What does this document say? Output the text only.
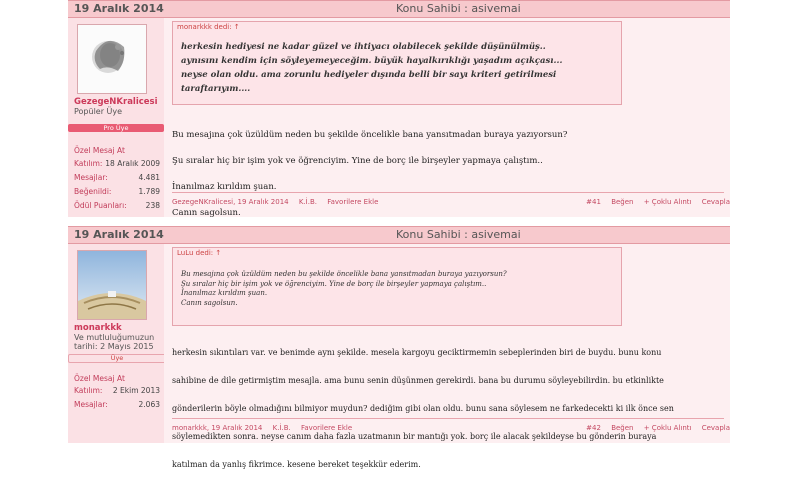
19 Aralık 2014	Konu Sahibi : asivemai
GezegeNKralicesi
Popüler Üye
Pro Üye
Özel Mesaj At
Katılım: 18 Aralık 2009
Mesajlar:	4.481
Beğenildi:	1.789
Ödül Puanları:	238
monarkkk dedi: ↑
herkesin hediyesi ne kadar güzel ve ihtiyacı olabilecek şekilde düşünülmüş..
aynısını kendim için söyleyemeyeceğim. büyük hayalkırıklığı yaşadım açıkçası...
neyse olan oldu. ama zorunlu hediyeler dışında belli bir sayı kriteri getirilmesi
taraftarıyım....

Bu mesajına çok üzüldüm neden bu şekilde öncelikle bana yansıtmadan buraya yazıyorsun?

Şu sıralar hiç bir işim yok ve öğrenciyim. Yine de borç ile birşeyler yapmaya çalıştım..

İnanılmaz kırıldım şuan.

Canın sagolsun.

GezegeNKralicesi, 19 Aralık 2014 K.İ.B. Favorilere Ekle	#41 Beğen + Çoklu Alıntı Cevapla
19 Aralık 2014	Konu Sahibi : asivemai
monarkkk
Ve mutluluğumuzun
tarihi: 2 Mayıs 2015
Üye
Özel Mesaj At
Katılım: 2 Ekim 2013
Mesajlar:	2.063
LuLu dedi: ↑
Bu mesajına çok üzüldüm neden bu şekilde öncelikle bana yansıtmadan buraya yazıyorsun?
Şu sıralar hiç bir işim yok ve öğrenciyim. Yine de borç ile birşeyler yapmaya çalıştım..
İnanılmaz kırıldım şuan.
Canın sagolsun.

herkesin sıkıntıları var. ve benimde aynı şekilde. mesela kargoyu geciktirmemin sebeplerinden biri de buydu. bunu konu

sahibine de dile getirmiştim mesajla. ama bunu senin düşünmen gerekirdi. bana bu durumu söyleyebilirdin. bu etkinlikte

gönderilerin böyle olmadığını bilmiyor muydun? dediğim gibi olan oldu. bunu sana söylesem ne farkedecekti ki ilk önce sen

söylemedikten sonra. neyse canım daha fazla uzatmanın bir mantığı yok. borç ile alacak şekildeyse bu gönderin buraya

katılman da yanlış fikrimce. kesene bereket teşekkür ederim.

monarkkk, 19 Aralık 2014 K.İ.B. Favorilere Ekle	#42 Beğen + Çoklu Alıntı Cevapla
